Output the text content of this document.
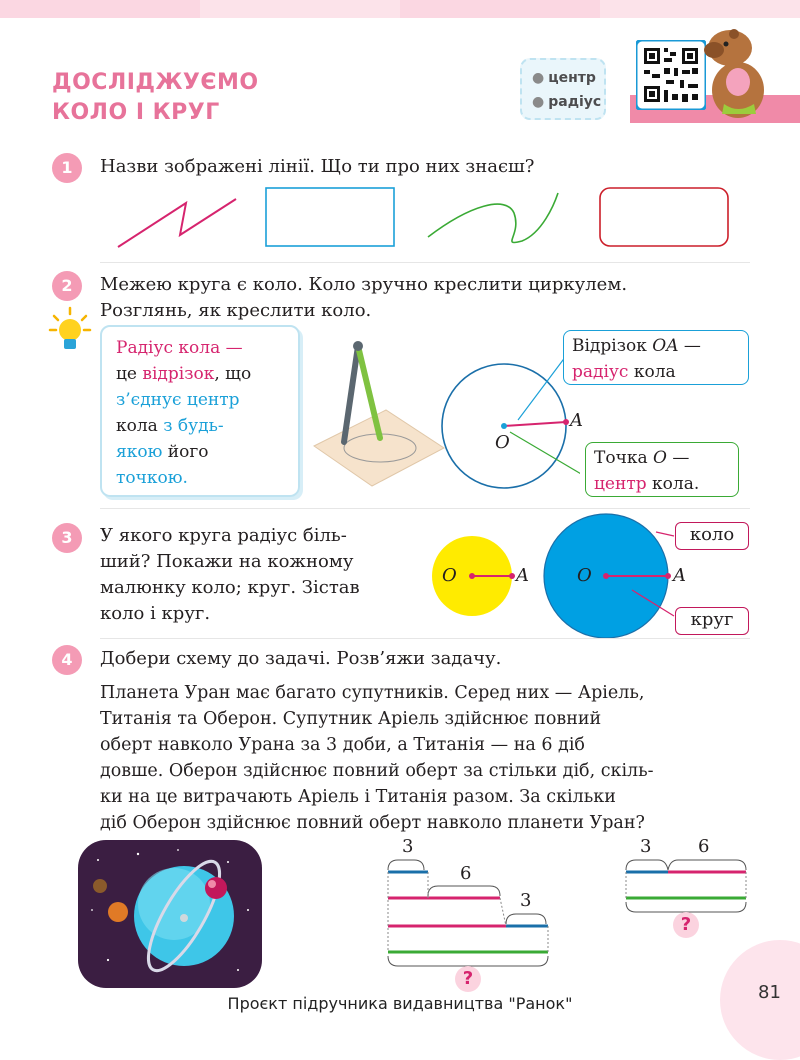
ДОСЛІДЖУЄМО
КОЛО І КРУГ
● центр
● радіус
1	Назви зображені лінії. Що ти про них знаєш?
2	Межею круга є коло. Коло зручно креслити циркулем.
Розглянь, як креслити коло.
Радіус кола —
це відрізок, що
з’єднує центр
кола з будь-
якою його
точкою.
O
A
Відрізок OA —
радіус кола
Точка O —
центр кола.
3	У якого круга радіус біль-
ший? Покажи на кожному
малюнку коло; круг. Зістав
коло і круг.
O	A	O	A
коло
круг
4	Добери схему до задачі. Розв’яжи задачу.
Планета Уран має багато супутників. Серед них — Аріель,
Титанія та Оберон. Супутник Аріель здійснює повний
оберт навколо Урана за 3 доби, а Титанія — на 6 діб
довше. Оберон здійснює повний оберт за стільки діб, скіль-
ки на це витрачають Аріель і Титанія разом. За скільки
діб Оберон здійснює повний оберт навколо планети Уран?
3
6
3
?
3	6
?
81
Проєкт підручника видавництва "Ранок"
